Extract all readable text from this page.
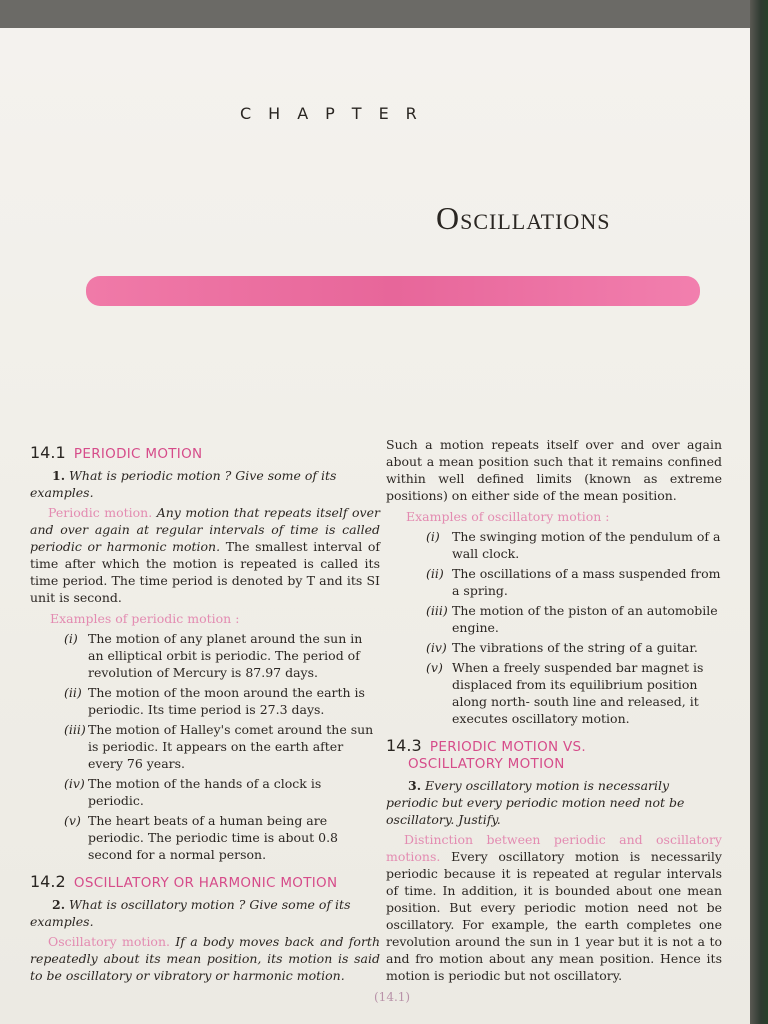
CHAPTER
Oscillations
14.1 PERIODIC MOTION

1. What is periodic motion ? Give some of its examples.

Periodic motion. Any motion that repeats itself over and over again at regular intervals of time is called periodic or harmonic motion. The smallest interval of time after which the motion is repeated is called its time period. The time period is denoted by T and its SI unit is second.

Examples of periodic motion :

(i) The motion of any planet around the sun in an elliptical orbit is periodic. The period of revolution of Mercury is 87.97 days.
(ii) The motion of the moon around the earth is periodic. Its time period is 27.3 days.
(iii) The motion of Halley's comet around the sun is periodic. It appears on the earth after every 76 years.
(iv) The motion of the hands of a clock is periodic.
(v) The heart beats of a human being are periodic. The periodic time is about 0.8 second for a normal person.
14.2 OSCILLATORY OR HARMONIC MOTION

2. What is oscillatory motion ? Give some of its examples.

Oscillatory motion. If a body moves back and forth repeatedly about its mean position, its motion is said to be oscillatory or vibratory or harmonic motion.

Such a motion repeats itself over and over again about a mean position such that it remains confined within well defined limits (known as extreme positions) on either side of the mean position.

Examples of oscillatory motion :

(i) The swinging motion of the pendulum of a wall clock.
(ii) The oscillations of a mass suspended from a spring.
(iii) The motion of the piston of an automobile engine.
(iv) The vibrations of the string of a guitar.
(v) When a freely suspended bar magnet is displaced from its equilibrium position along north- south line and released, it executes oscillatory motion.
14.3 PERIODIC MOTION VS.
OSCILLATORY MOTION

3. Every oscillatory motion is necessarily periodic but every periodic motion need not be oscillatory. Justify.

Distinction between periodic and oscillatory motions. Every oscillatory motion is necessarily periodic because it is repeated at regular intervals of time. In addition, it is bounded about one mean position. But every periodic motion need not be oscillatory. For example, the earth completes one revolution around the sun in 1 year but it is not a to and fro motion about any mean position. Hence its motion is periodic but not oscillatory.

(14.1)
